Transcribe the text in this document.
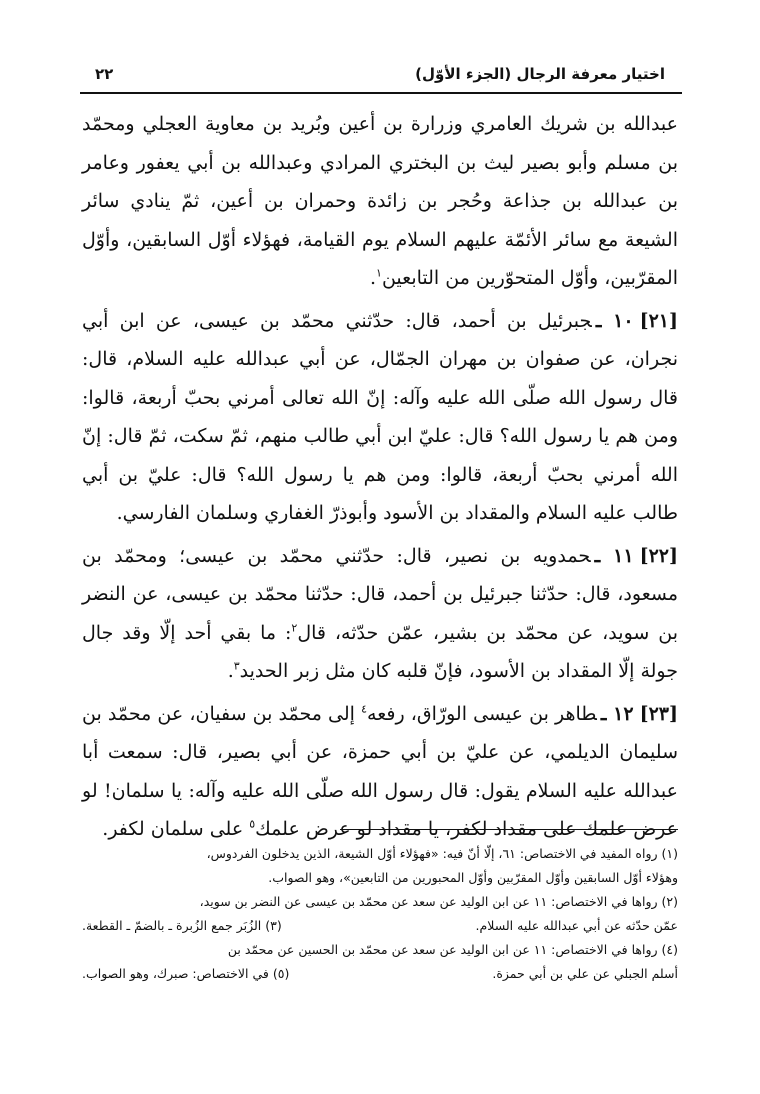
اختيار معرفة الرجال (الجزء الأوّل)
٢٢

عبدالله بن شريك العامري وزرارة بن أعين وبُريد بن معاوية العجلي ومحمّد بن مسلم وأبو بصير ليث بن البختري المرادي وعبدالله بن أبي يعفور وعامر بن عبدالله بن جذاعة وحُجر بن زائدة وحمران بن أعين، ثمّ ينادي سائر الشيعة مع سائر الأئمّة عليهم السلام يوم القيامة، فهؤلاء أوّل السابقين، وأوّل المقرّبين، وأوّل المتحوّرين من التابعين$^١$.

[٢١]١٠ ـجبرئيل بن أحمد، قال: حدّثني محمّد بن عيسى، عن ابن أبي نجران، عن صفوان بن مهران الجمّال، عن أبي عبدالله عليه السلام، قال: قال رسول الله صلّى الله عليه وآله: إنّ الله تعالى أمرني بحبّ أربعة، قالوا: ومن هم يا رسول الله؟ قال: عليّ ابن أبي طالب منهم، ثمّ سكت، ثمّ قال: إنّ الله أمرني بحبّ أربعة، قالوا: ومن هم يا رسول الله؟ قال: عليّ بن أبي طالب عليه السلام والمقداد بن الأسود وأبوذرّ الغفاري وسلمان الفارسي.

[٢٢]١١ ـحمدويه بن نصير، قال: حدّثني محمّد بن عيسى؛ ومحمّد بن مسعود، قال: حدّثنا جبرئيل بن أحمد، قال: حدّثنا محمّد بن عيسى، عن النضر بن سويد، عن محمّد بن بشير، عمّن حدّثه، قال$^٢$: ما بقي أحد إلّا وقد جال جولة إلّا المقداد بن الأسود، فإنّ قلبه كان مثل زبر الحديد$^٣$.

[٢٣]١٢ ـطاهر بن عيسى الورّاق، رفعه$^٤$ إلى محمّد بن سفيان، عن محمّد بن سليمان الديلمي، عن عليّ بن أبي حمزة، عن أبي بصير، قال: سمعت أبا عبدالله عليه السلام يقول: قال رسول الله صلّى الله عليه وآله: يا سلمان! لو عرض علمك على مقداد لكفر، يا مقداد لو عرض علمك$^٥$ على سلمان لكفر.

(١) رواه المفيد في الاختصاص: ٦١، إلّا أنّ فيه: «فهؤلاء أوّل الشيعة، الذين يدخلون الفردوس،

وهؤلاء أوّل السابقين وأوّل المقرّبين وأوّل المحبورين من التابعين»، وهو الصواب.

(٢) رواها في الاختصاص: ١١ عن ابن الوليد عن سعد عن محمّد بن عيسى عن النضر بن سويد،

عمّن حدّثه عن أبي عبدالله عليه السلام.
(٣) الزُبَر جمع الزُبرة ـ بالضمّ ـ القطعة.

(٤) رواها في الاختصاص: ١١ عن ابن الوليد عن سعد عن محمّد بن الحسين عن محمّد بن

أسلم الجبلي عن علي بن أبي حمزة.
(٥) في الاختصاص: صبرك، وهو الصواب.
